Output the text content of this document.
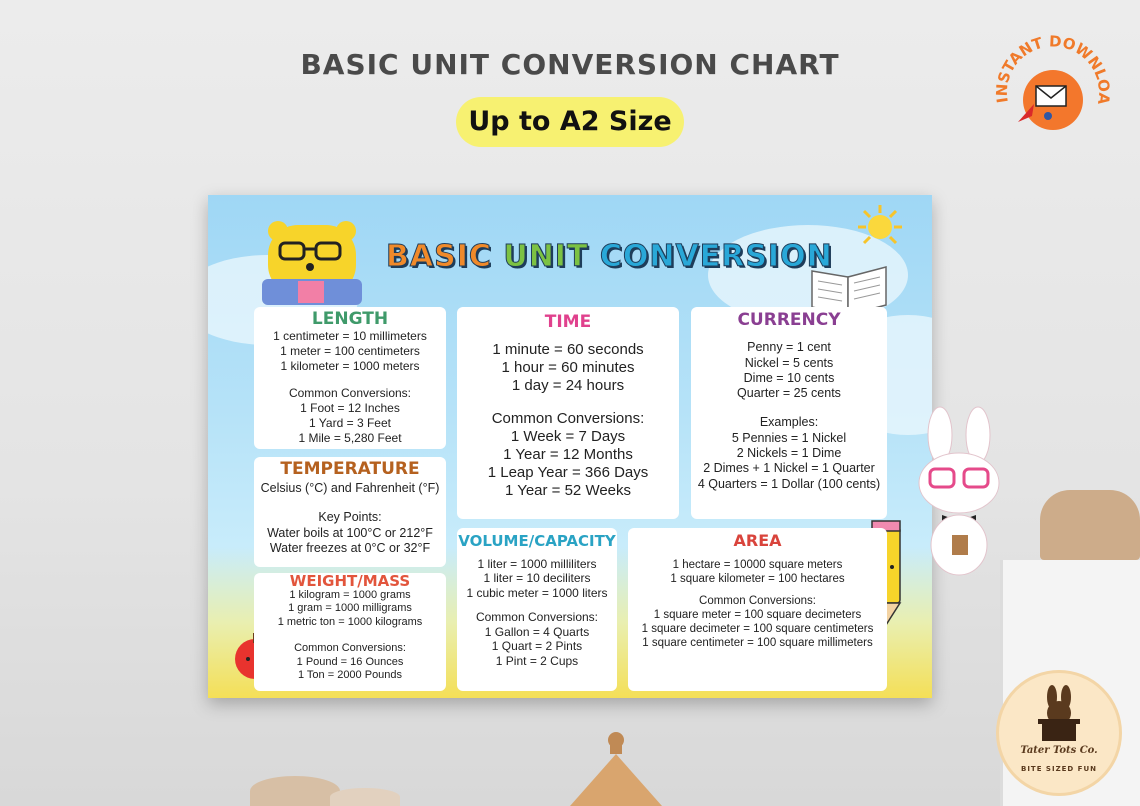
BASIC UNIT CONVERSION CHART
Up to A2 Size
INSTANT DOWNLOA
BASIC UNIT CONVERSION
LENGTH
1 centimeter = 10 millimeters
1 meter = 100 centimeters
1 kilometer = 1000 meters
Common Conversions:
1 Foot = 12 Inches
1 Yard = 3 Feet
1 Mile = 5,280 Feet
TIME
1 minute = 60 seconds
1 hour = 60 minutes
1 day = 24 hours
Common Conversions:
1 Week = 7 Days
1 Year = 12 Months
1 Leap Year = 366 Days
1 Year = 52 Weeks
CURRENCY
Penny = 1 cent
Nickel = 5 cents
Dime = 10 cents
Quarter = 25 cents
Examples:
5 Pennies = 1 Nickel
2 Nickels = 1 Dime
2 Dimes + 1 Nickel = 1 Quarter
4 Quarters = 1 Dollar (100 cents)
TEMPERATURE
Celsius (°C) and Fahrenheit (°F)
Key Points:
Water boils at 100°C or 212°F
Water freezes at 0°C or 32°F
WEIGHT/MASS
1 kilogram = 1000 grams
1 gram = 1000 milligrams
1 metric ton = 1000 kilograms
Common Conversions:
1 Pound = 16 Ounces
1 Ton = 2000 Pounds
VOLUME/CAPACITY
1 liter = 1000 milliliters
1 liter = 10 deciliters
1 cubic meter = 1000 liters
Common Conversions:
1 Gallon = 4 Quarts
1 Quart = 2 Pints
1 Pint = 2 Cups
AREA
1 hectare = 10000 square meters
1 square kilometer = 100 hectares
Common Conversions:
1 square meter = 100 square decimeters
1 square decimeter = 100 square centimeters
1 square centimeter = 100 square millimeters
Tater Tots Co.
BITE SIZED FUN
